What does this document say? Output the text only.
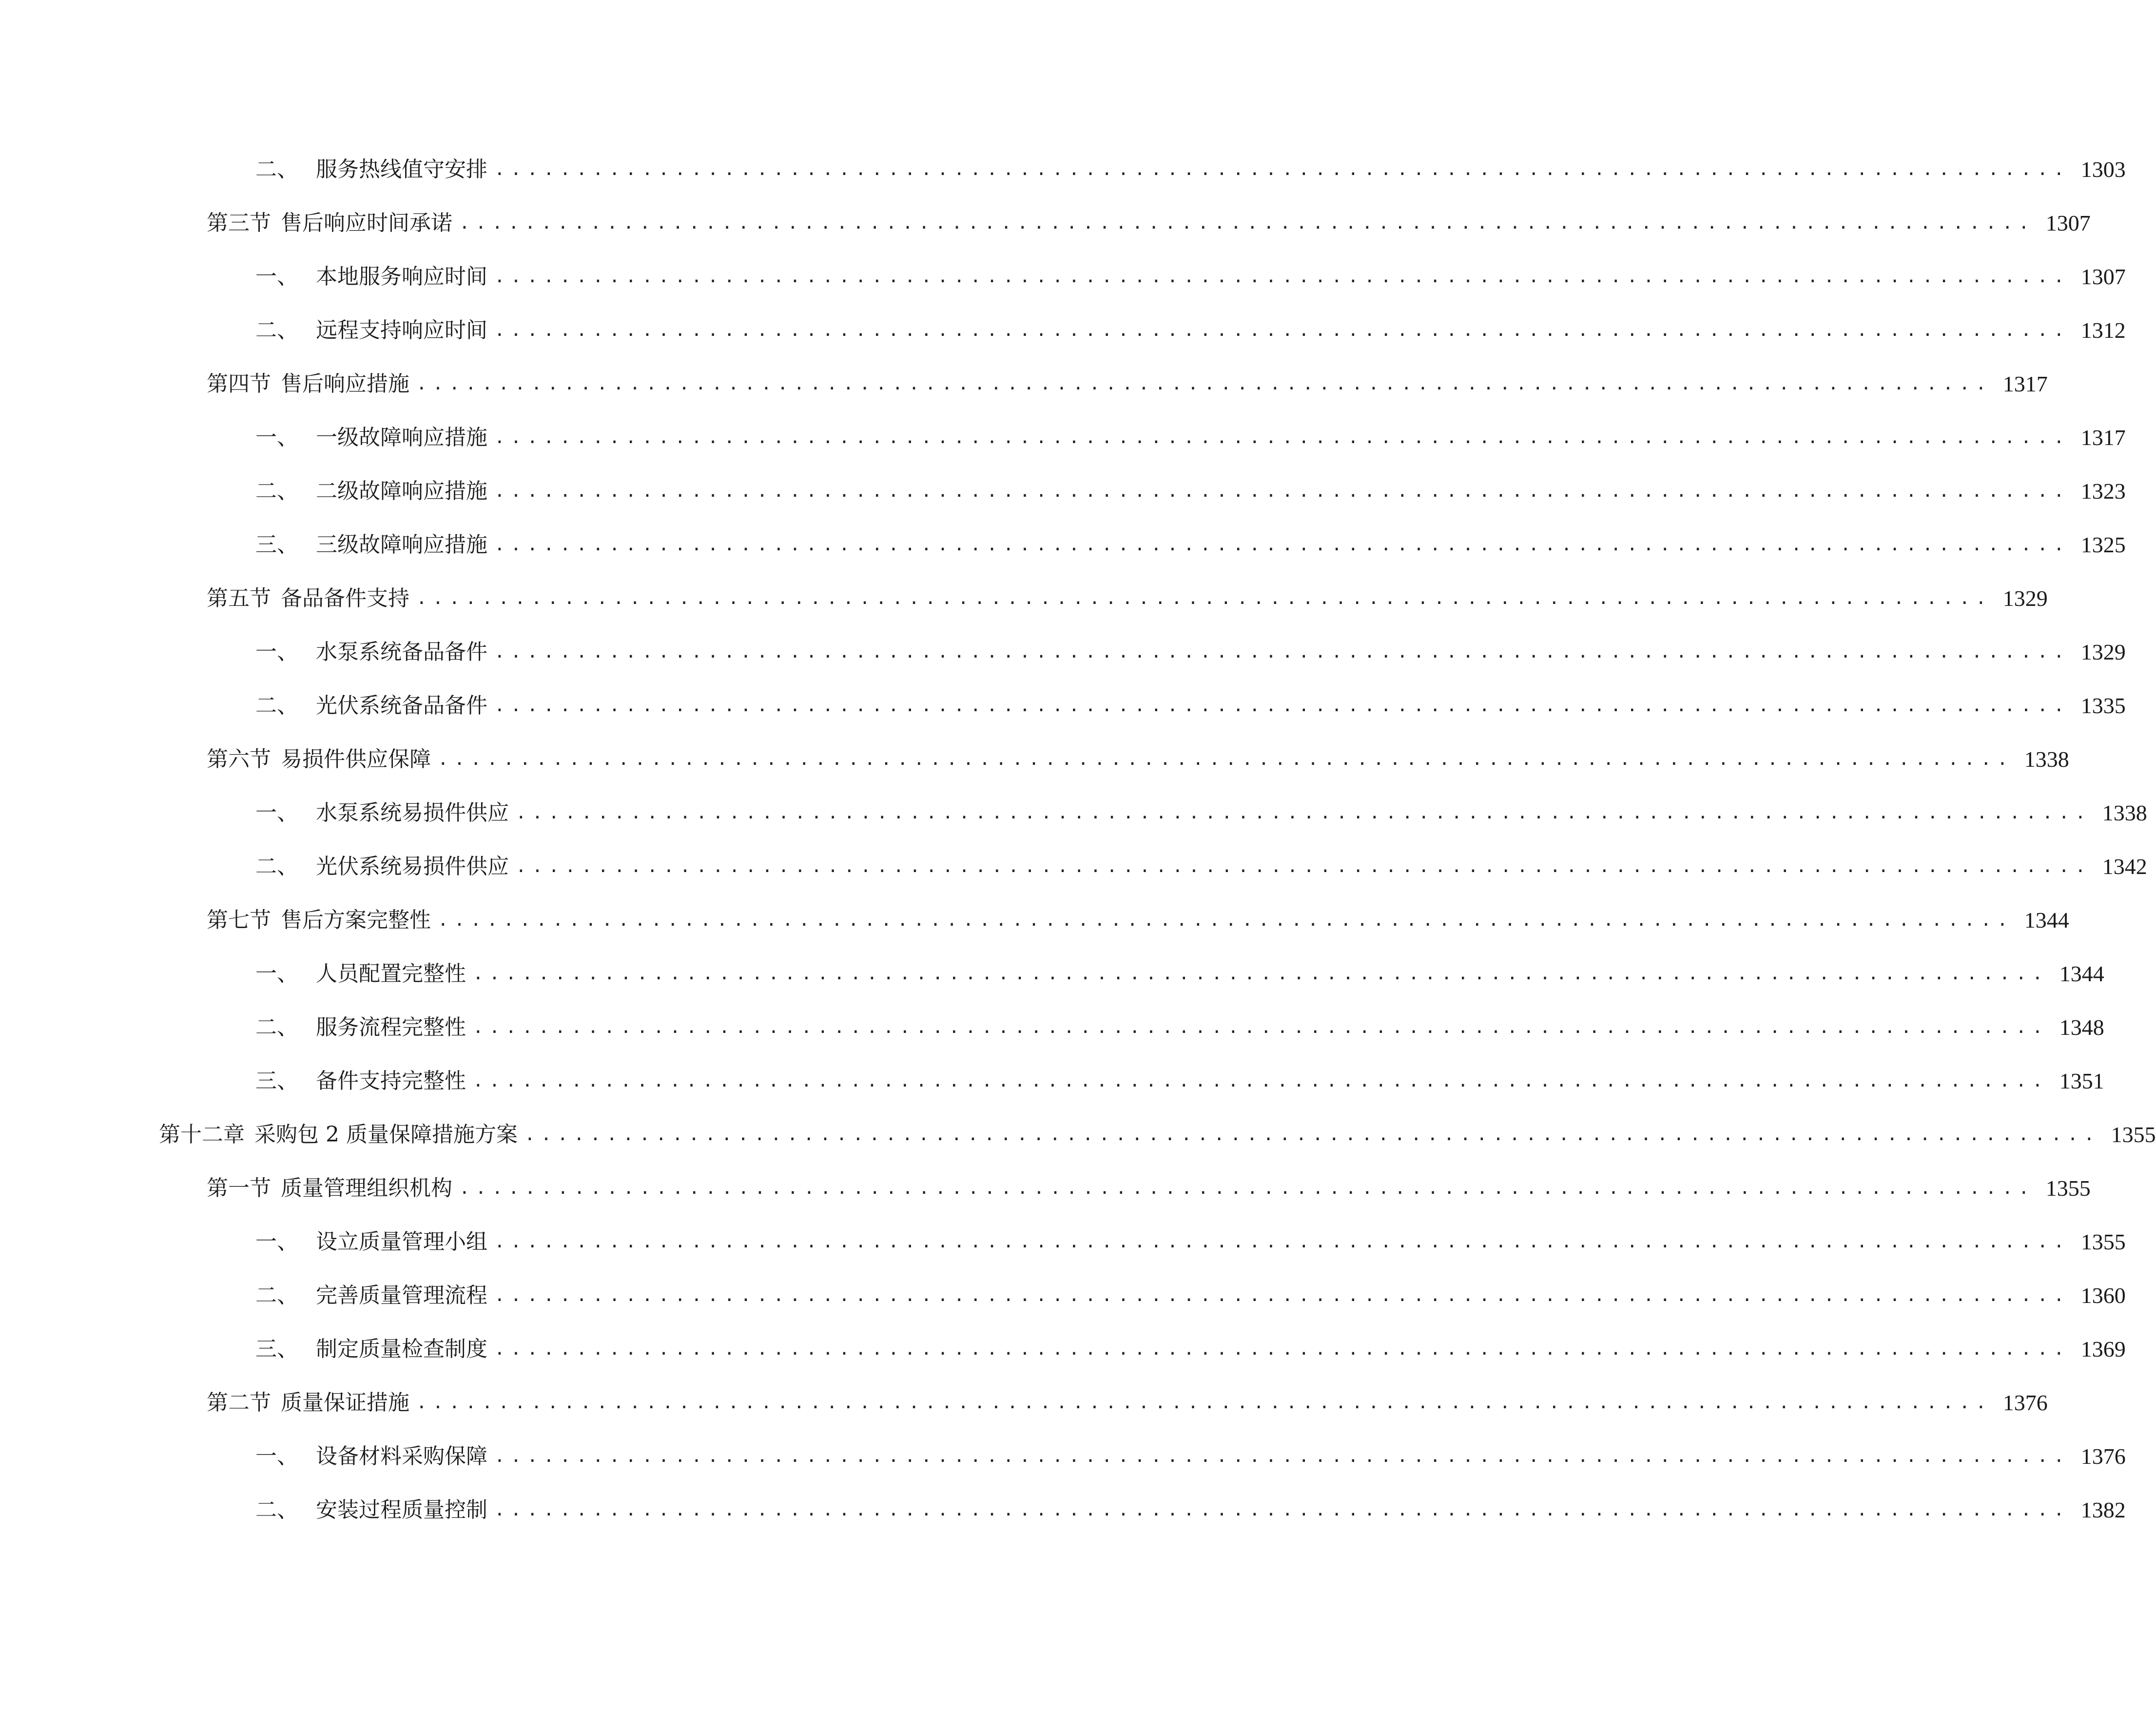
二、 服务热线值守安排 ................................................................................................ 1303
第三节 售后响应时间承诺 ................................................................................................ 1307
一、 本地服务响应时间 ................................................................................................ 1307
二、 远程支持响应时间 ................................................................................................ 1312
第四节 售后响应措施 ................................................................................................ 1317
一、 一级故障响应措施 ................................................................................................ 1317
二、 二级故障响应措施 ................................................................................................ 1323
三、 三级故障响应措施 ................................................................................................ 1325
第五节 备品备件支持 ................................................................................................ 1329
一、 水泵系统备品备件 ................................................................................................ 1329
二、 光伏系统备品备件 ................................................................................................ 1335
第六节 易损件供应保障 ................................................................................................ 1338
一、 水泵系统易损件供应 ................................................................................................ 1338
二、 光伏系统易损件供应 ................................................................................................ 1342
第七节 售后方案完整性 ................................................................................................ 1344
一、 人员配置完整性 ................................................................................................ 1344
二、 服务流程完整性 ................................................................................................ 1348
三、 备件支持完整性 ................................................................................................ 1351
第十二章 采购包 2 质量保障措施方案 ................................................................................................ 1355
第一节 质量管理组织机构 ................................................................................................ 1355
一、 设立质量管理小组 ................................................................................................ 1355
二、 完善质量管理流程 ................................................................................................ 1360
三、 制定质量检查制度 ................................................................................................ 1369
第二节 质量保证措施 ................................................................................................ 1376
一、 设备材料采购保障 ................................................................................................ 1376
二、 安装过程质量控制 ................................................................................................ 1382
